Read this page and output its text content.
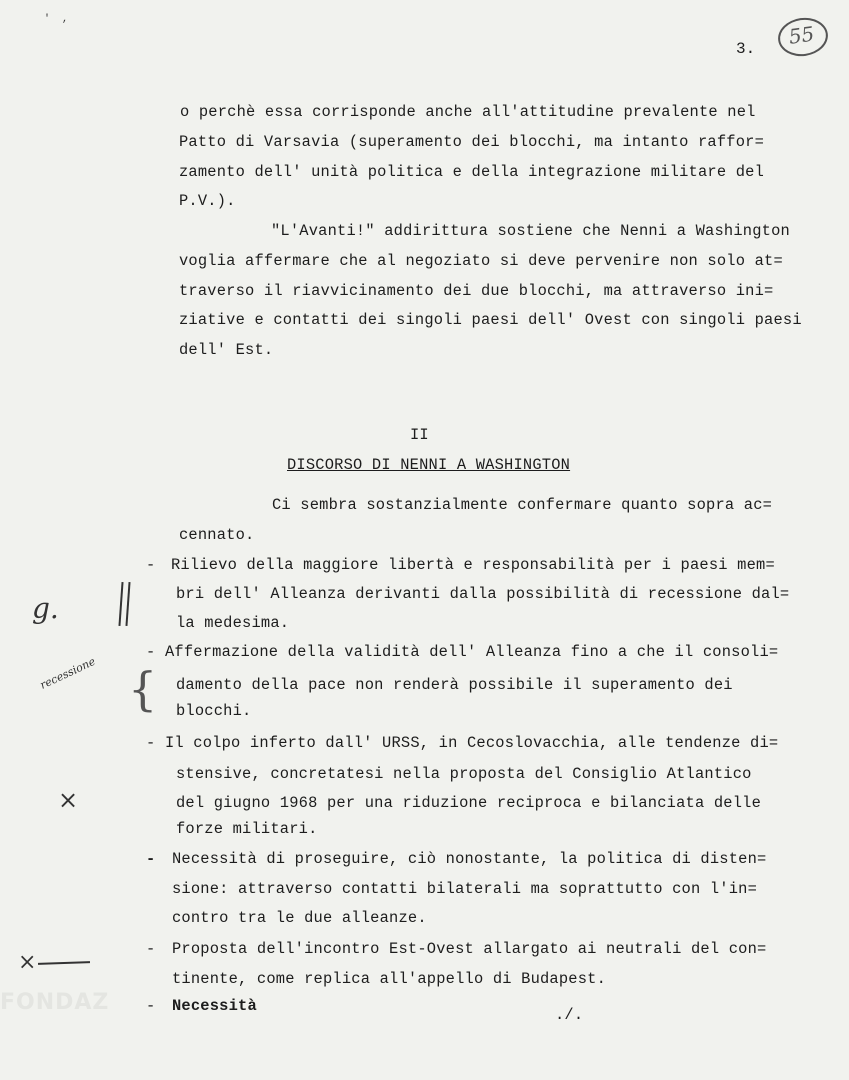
'  ,
3.
55
o perchè essa corrisponde anche all'attitudine prevalente nel
Patto di Varsavia (superamento dei blocchi, ma intanto raffor=
zamento dell' unità politica e della integrazione militare del
P.V.).
"L'Avanti!" addirittura sostiene che Nenni a Washington
voglia affermare che al negoziato si deve pervenire non solo at=
traverso il riavvicinamento dei due blocchi, ma attraverso ini=
ziative e contatti dei singoli paesi dell' Ovest con singoli paesi
dell' Est.
II
DISCORSO DI NENNI A WASHINGTON
Ci sembra sostanzialmente confermare quanto sopra ac=
cennato.
- Rilievo della maggiore libertà e responsabilità per i paesi mem=
bri dell' Alleanza derivanti dalla possibilità di recessione dal=
la medesima.
- Affermazione della validità dell' Alleanza fino a che il consoli=
damento della pace non renderà possibile il superamento dei
blocchi.
- Il colpo inferto dall' URSS, in Cecoslovacchia, alle tendenze di=
stensive, concretatesi nella proposta del Consiglio Atlantico
del giugno 1968 per una riduzione reciproca e bilanciata delle
forze militari.
- Necessità di proseguire, ciò nonostante, la politica di disten=
sione: attraverso contatti bilaterali ma soprattutto con l'in=
contro tra le due alleanze.
- Proposta dell'incontro Est-Ovest allargato ai neutrali del con=
tinente, come replica all'appello di Budapest.
- Necessità	./.
g.
recessione {
×
×
FONDAZ
